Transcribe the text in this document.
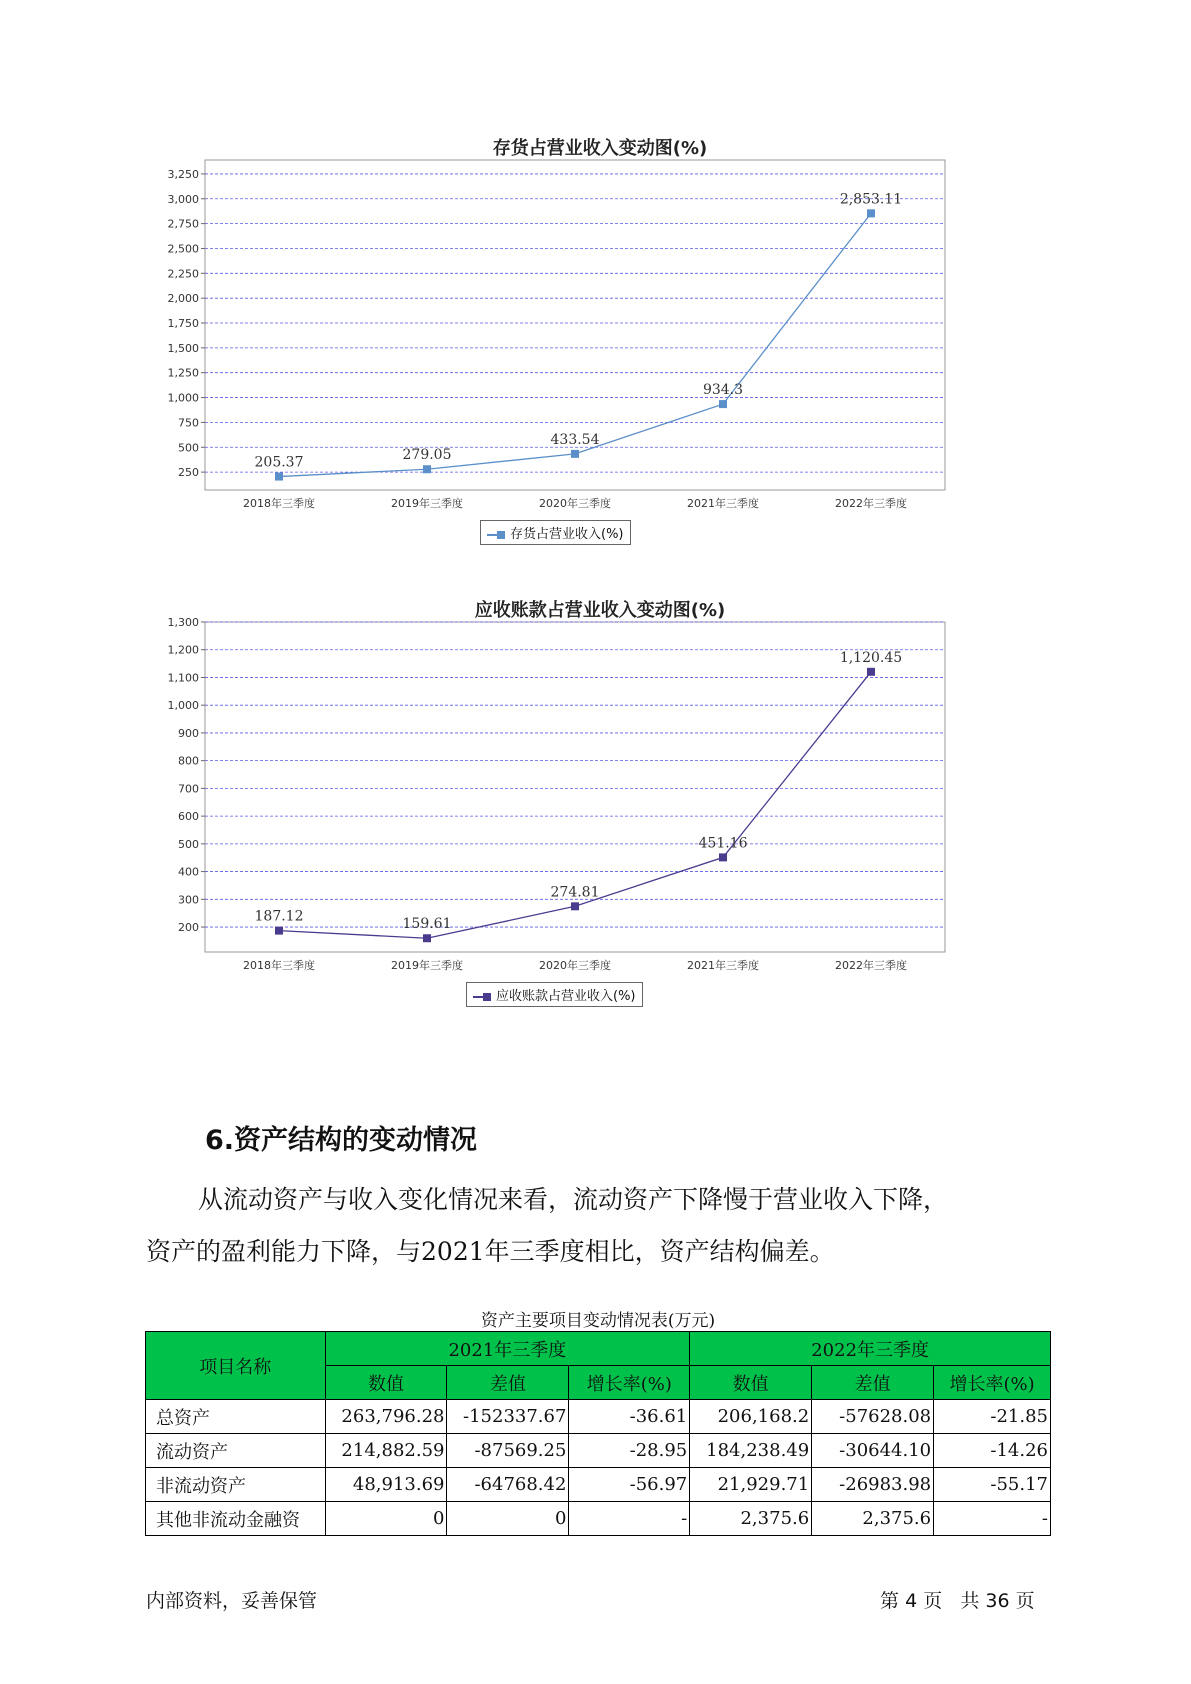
存货占营业收入变动图(%)
250
500
750
1,000
1,250
1,500
1,750
2,000
2,250
2,500
2,750
3,000
3,250
2018年三季度	2019年三季度	2020年三季度	2021年三季度	2022年三季度
205.37	279.05
433.54
934.3
2,853.11
存货占营业收入(%)
应收账款占营业收入变动图(%)
200
300
400
500
600
700
800
900
1,000
1,100
1,200
1,300
2018年三季度	2019年三季度	2020年三季度	2021年三季度	2022年三季度
187.12	159.61
274.81
451.16
1,120.45
应收账款占营业收入(%)
6.资产结构的变动情况
从流动资产与收入变化情况来看，流动资产下降慢于营业收入下降，
资产的盈利能力下降，与2021年三季度相比，资产结构偏差。
资产主要项目变动情况表(万元)
项目名称	2021年三季度			2022年三季度		
	数值	差值	增长率(%)	数值	差值	增长率(%)
总资产	263,796.28	-152337.67	-36.61	206,168.2	-57628.08	-21.85
流动资产	214,882.59	-87569.25	-28.95	184,238.49	-30644.10	-14.26
非流动资产	48,913.69	-64768.42	-56.97	21,929.71	-26983.98	-55.17
其他非流动金融资	0	0	-	2,375.6	2,375.6	-
内部资料，妥善保管	第 4 页 共 36 页
